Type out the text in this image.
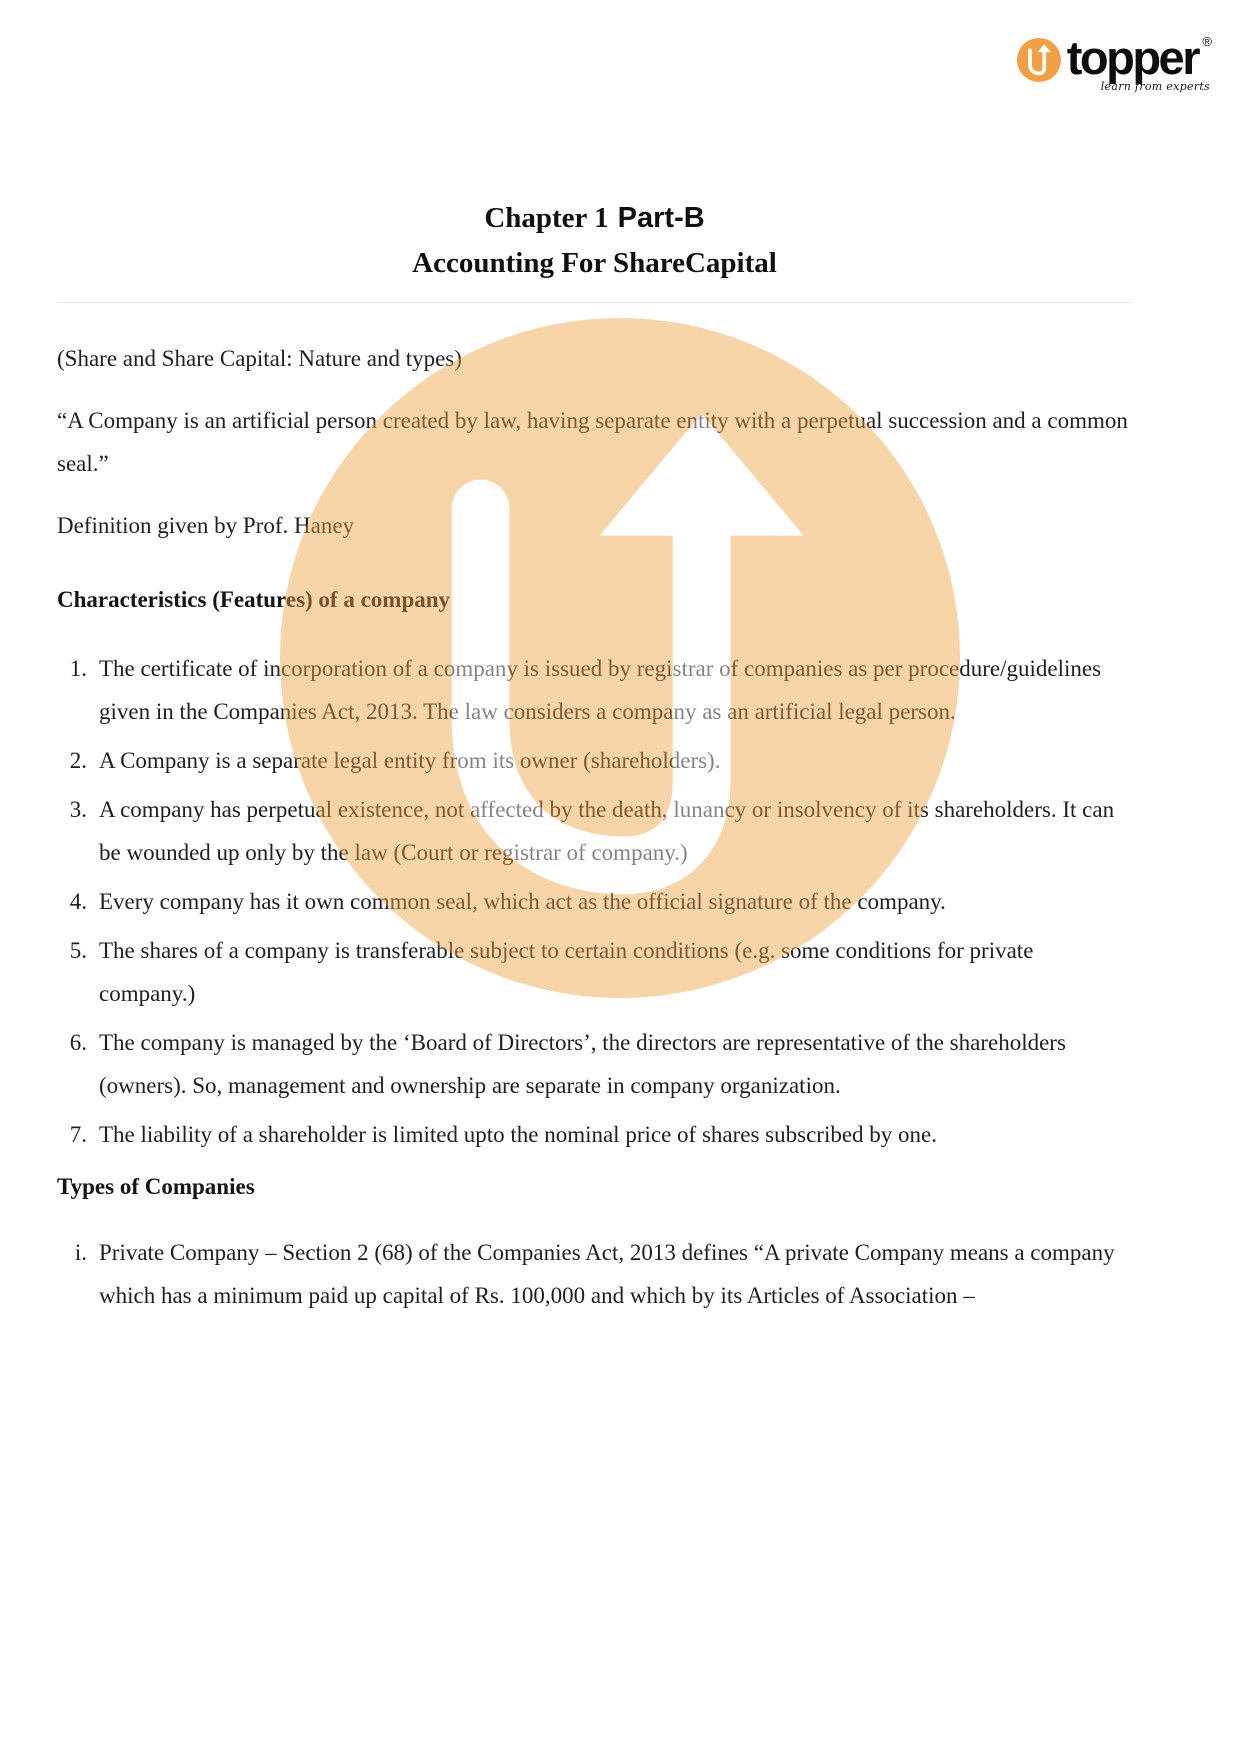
topper ®
learn from experts
Chapter 1 Part-B
Accounting For ShareCapital

(Share and Share Capital: Nature and types)

“A Company is an artificial person created by law, having separate entity with a perpetual succession and a common seal.”

Definition given by Prof. Haney

Characteristics (Features) of a company
1. The certificate of incorporation of a company is issued by registrar of companies as per procedure/guidelines given in the Companies Act, 2013. The law considers a company as an artificial legal person.
2. A Company is a separate legal entity from its owner (shareholders).
3. A company has perpetual existence, not affected by the death, lunancy or insolvency of its shareholders. It can be wounded up only by the law (Court or registrar of company.)
4. Every company has it own common seal, which act as the official signature of the company.
5. The shares of a company is transferable subject to certain conditions (e.g. some conditions for private company.)
6. The company is managed by the ‘Board of Directors’, the directors are representative of the shareholders (owners). So, management and ownership are separate in company organization.
7. The liability of a shareholder is limited upto the nominal price of shares subscribed by one.
Types of Companies
i. Private Company – Section 2 (68) of the Companies Act, 2013 defines “A private Company means a company which has a minimum paid up capital of Rs. 100,000 and which by its Articles of Association –
